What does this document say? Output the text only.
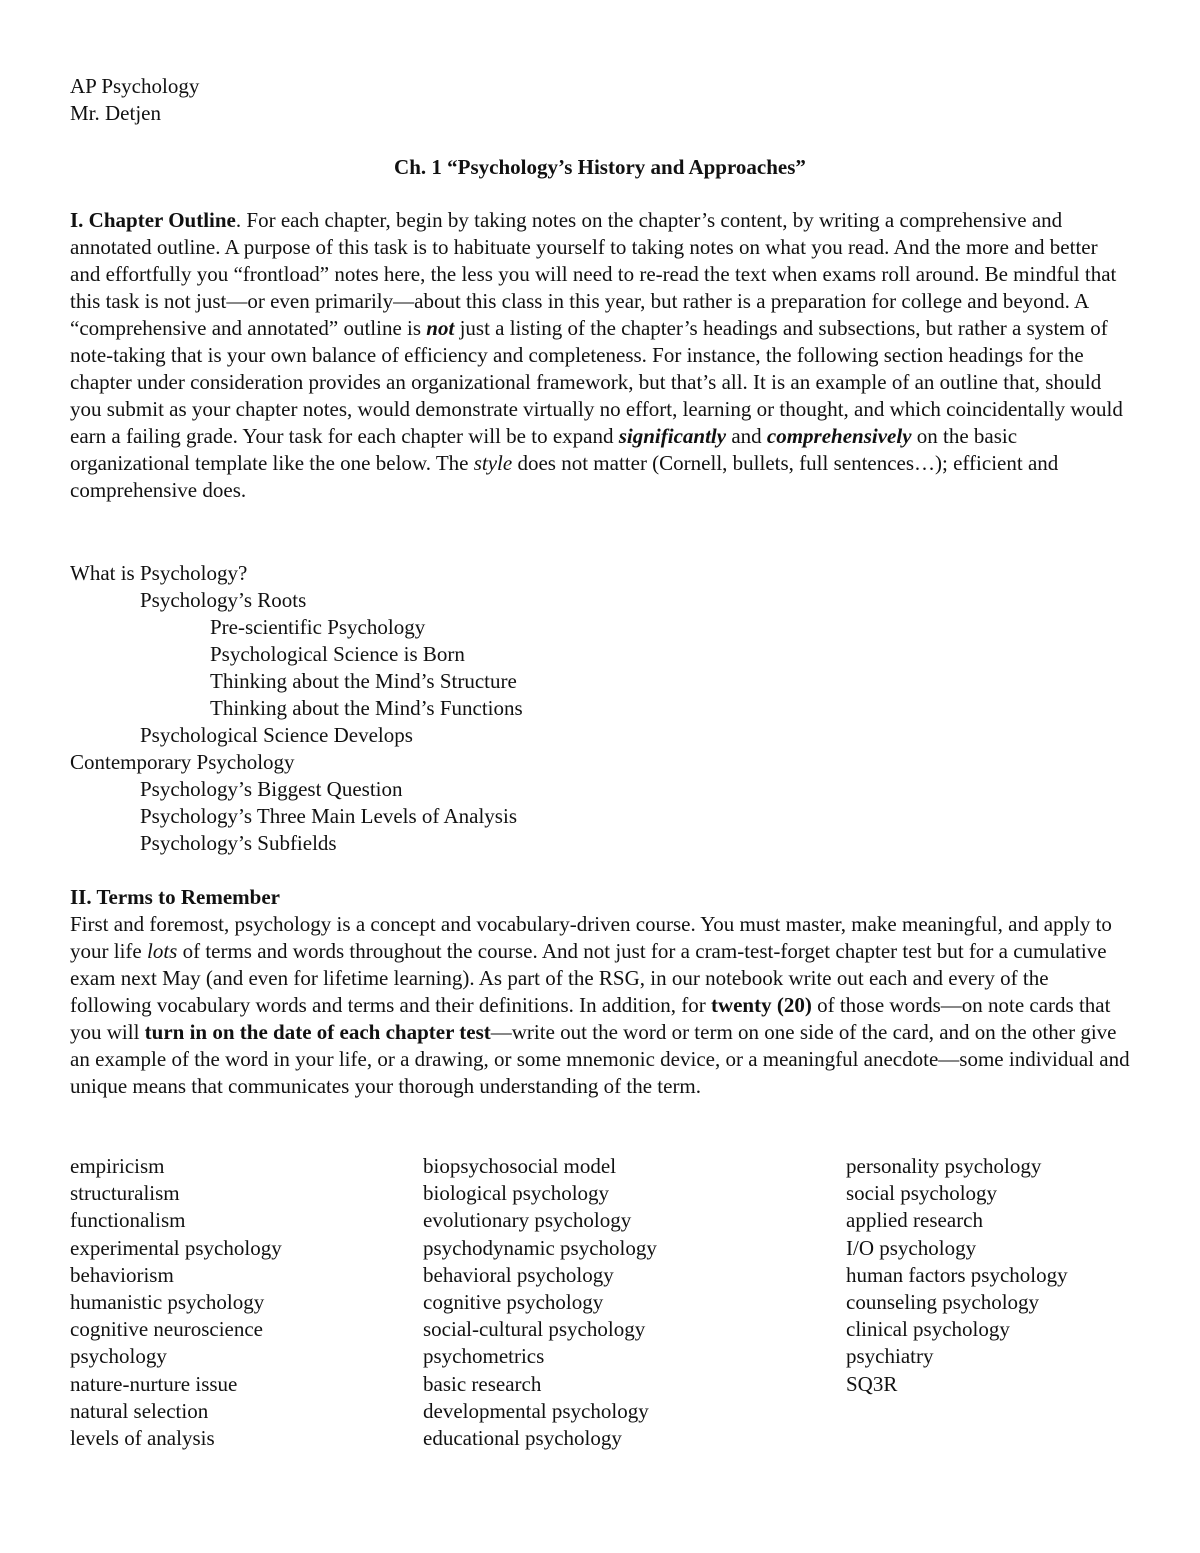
AP Psychology
Mr. Detjen
Ch. 1 “Psychology’s History and Approaches”

I. Chapter Outline. For each chapter, begin by taking notes on the chapter’s content, by writing a comprehensive and annotated outline. A purpose of this task is to habituate yourself to taking notes on what you read. And the more and better and effortfully you “frontload” notes here, the less you will need to re-read the text when exams roll around. Be mindful that this task is not just—or even primarily—about this class in this year, but rather is a preparation for college and beyond. A “comprehensive and annotated” outline is not just a listing of the chapter’s headings and subsections, but rather a system of note-taking that is your own balance of efficiency and completeness. For instance, the following section headings for the chapter under consideration provides an organizational framework, but that’s all. It is an example of an outline that, should you submit as your chapter notes, would demonstrate virtually no effort, learning or thought, and which coincidentally would earn a failing grade. Your task for each chapter will be to expand significantly and comprehensively on the basic organizational template like the one below. The style does not matter (Cornell, bullets, full sentences…); efficient and comprehensive does.

What is Psychology?
Psychology’s Roots
Pre-scientific Psychology
Psychological Science is Born
Thinking about the Mind’s Structure
Thinking about the Mind’s Functions
Psychological Science Develops
Contemporary Psychology
Psychology’s Biggest Question
Psychology’s Three Main Levels of Analysis
Psychology’s Subfields
II. Terms to Remember

First and foremost, psychology is a concept and vocabulary-driven course. You must master, make meaningful, and apply to your life lots of terms and words throughout the course. And not just for a cram-test-forget chapter test but for a cumulative exam next May (and even for lifetime learning). As part of the RSG, in our notebook write out each and every of the following vocabulary words and terms and their definitions. In addition, for twenty (20) of those words—on note cards that you will turn in on the date of each chapter test—write out the word or term on one side of the card, and on the other give an example of the word in your life, or a drawing, or some mnemonic device, or a meaningful anecdote—some individual and unique means that communicates your thorough understanding of the term.

empiricism
structuralism
functionalism
experimental psychology
behaviorism
humanistic psychology
cognitive neuroscience
psychology
nature-nurture issue
natural selection
levels of analysis
biopsychosocial model
biological psychology
evolutionary psychology
psychodynamic psychology
behavioral psychology
cognitive psychology
social-cultural psychology
psychometrics
basic research
developmental psychology
educational psychology
personality psychology
social psychology
applied research
I/O psychology
human factors psychology
counseling psychology
clinical psychology
psychiatry
SQ3R
